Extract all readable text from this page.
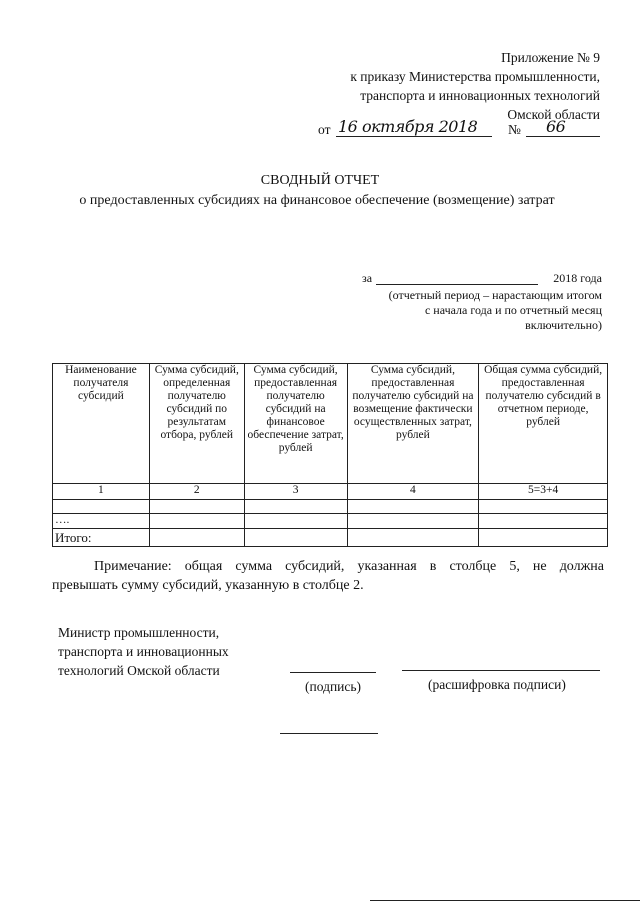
Приложение № 9
к приказу Министерства промышленности,
транспорта и инновационных технологий
Омской области
от 16 октября 2018 № 66
СВОДНЫЙ ОТЧЕТ
о предоставленных субсидиях на финансовое обеспечение (возмещение) затрат
за	2018 года
(отчетный период – нарастающим итогом
с начала года и по отчетный месяц
включительно)
Наименование получателя субсидий	Сумма субсидий, определенная получателю субсидий по результатам отбора, рублей	Сумма субсидий, предоставленная получателю субсидий на финансовое обеспечение затрат, рублей	Сумма субсидий, предоставленная получателю субсидий на возмещение фактически осуществленных затрат, рублей	Общая сумма субсидий, предоставленная получателю субсидий в отчетном периоде, рублей
1	2	3	4	5=3+4

….				
Итого:				
Примечание: общая сумма субсидий, указанная в столбце 5, не должна
превышать сумму субсидий, указанную в столбце 2.
Министр промышленности,
транспорта и инновационных
технологий Омской области
(подпись)	(расшифровка подписи)
